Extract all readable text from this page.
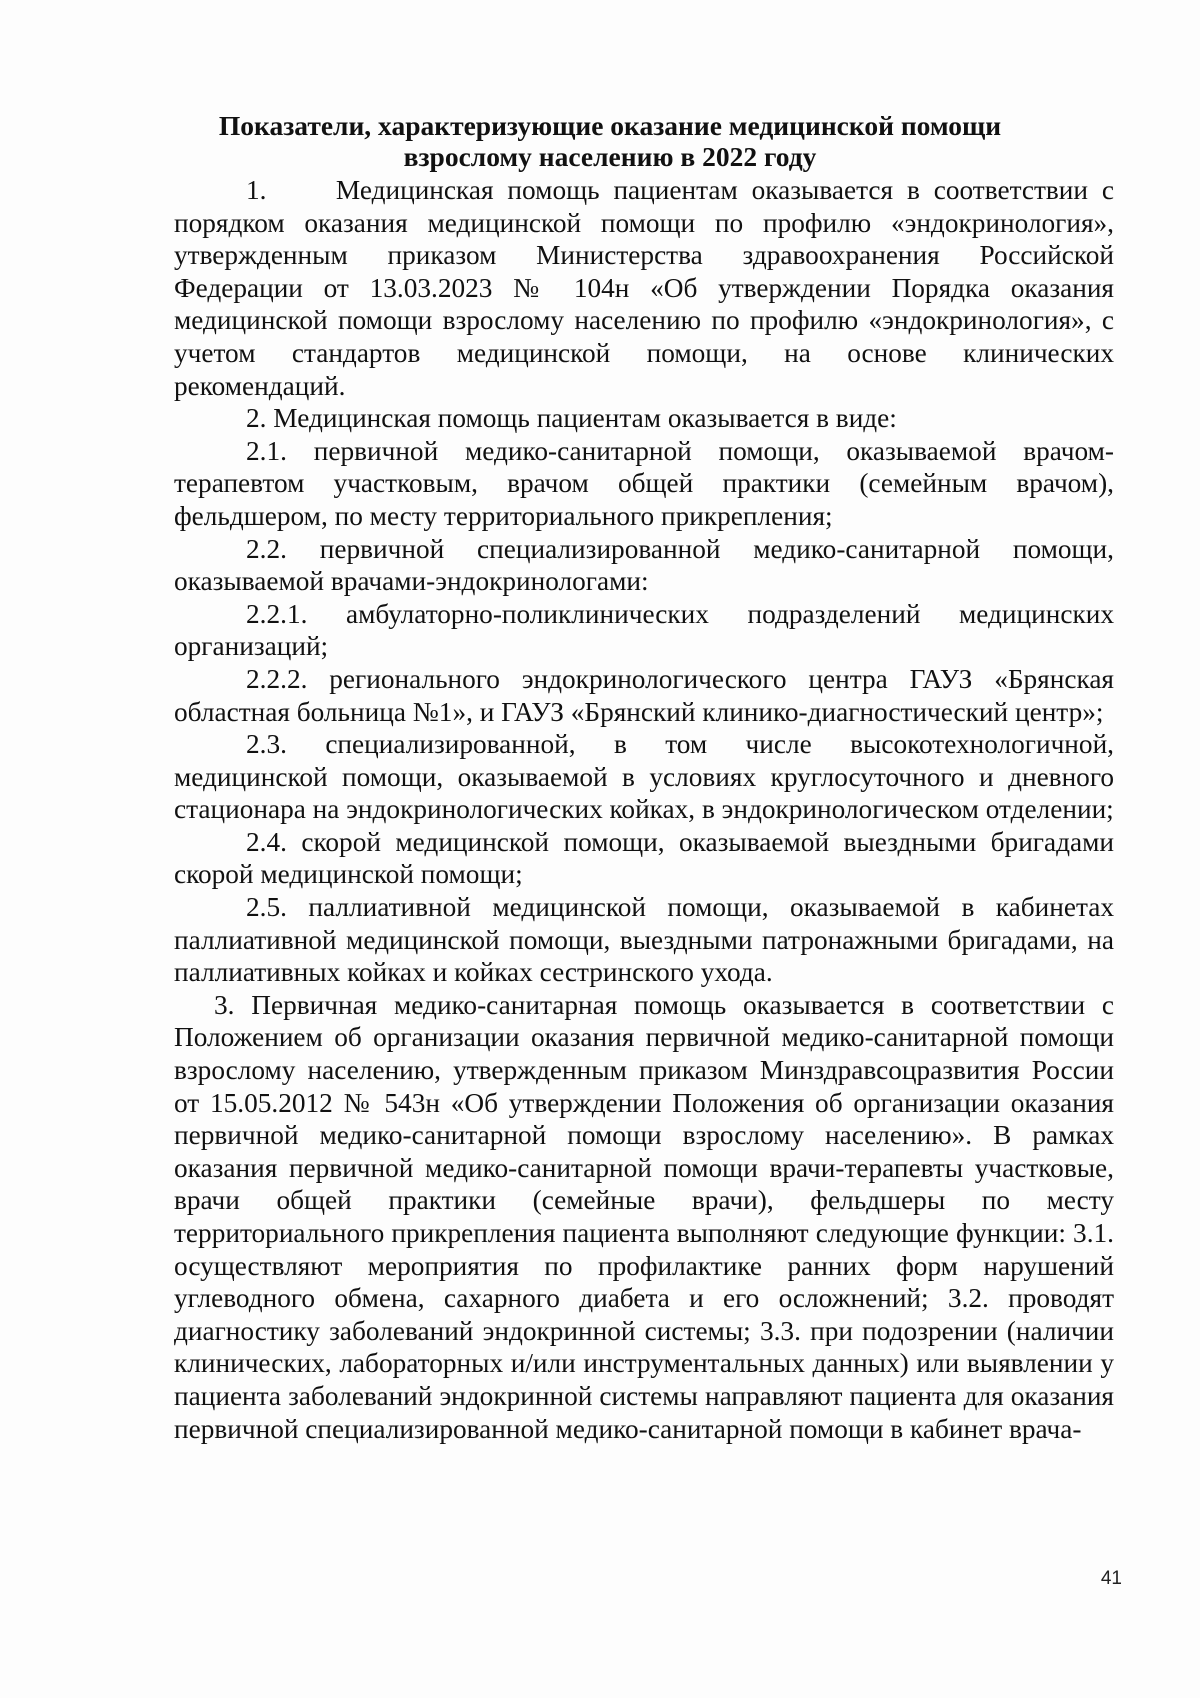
Показатели, характеризующие оказание медицинской помощи
взрослому населению в 2022 году

1.     Медицинская помощь пациентам оказывается в соответствии с порядком оказания медицинской помощи по профилю «эндокринология», утвержденным приказом Министерства здравоохранения Российской Федерации от 13.03.2023 № 104н «Об утверждении Порядка оказания медицинской помощи взрослому населению по профилю «эндокринология», с учетом стандартов медицинской помощи, на основе клинических рекомендаций.

2. Медицинская помощь пациентам оказывается в виде:

2.1. первичной медико-санитарной помощи, оказываемой врачом-терапевтом участковым, врачом общей практики (семейным врачом), фельдшером, по месту территориального прикрепления;

2.2. первичной специализированной медико-санитарной помощи, оказываемой врачами-эндокринологами:

2.2.1. амбулаторно-поликлинических подразделений медицинских организаций;

2.2.2. регионального эндокринологического центра ГАУЗ «Брянская областная больница №1», и ГАУЗ «Брянский клинико-диагностический центр»;

2.3. специализированной, в том числе высокотехнологичной, медицинской помощи, оказываемой в условиях круглосуточного и дневного стационара на эндокринологических койках, в эндокринологическом отделении;

2.4. скорой медицинской помощи, оказываемой выездными бригадами скорой медицинской помощи;

2.5. паллиативной медицинской помощи, оказываемой в кабинетах паллиативной медицинской помощи, выездными патронажными бригадами, на паллиативных койках и койках сестринского ухода.

3. Первичная медико-санитарная помощь оказывается в соответствии с Положением об организации оказания первичной медико-санитарной помощи взрослому населению, утвержденным приказом Минздравсоцразвития России от 15.05.2012 № 543н «Об утверждении Положения об организации оказания первичной медико-санитарной помощи взрослому населению». В рамках оказания первичной медико-санитарной помощи врачи-терапевты участковые, врачи общей практики (семейные врачи), фельдшеры по месту территориального прикрепления пациента выполняют следующие функции: 3.1. осуществляют мероприятия по профилактике ранних форм нарушений углеводного обмена, сахарного диабета и его осложнений; 3.2. проводят диагностику заболеваний эндокринной системы; 3.3. при подозрении (наличии клинических, лабораторных и/или инструментальных данных) или выявлении у пациента заболеваний эндокринной системы направляют пациента для оказания первичной специализированной медико-санитарной помощи в кабинет врача-

41
